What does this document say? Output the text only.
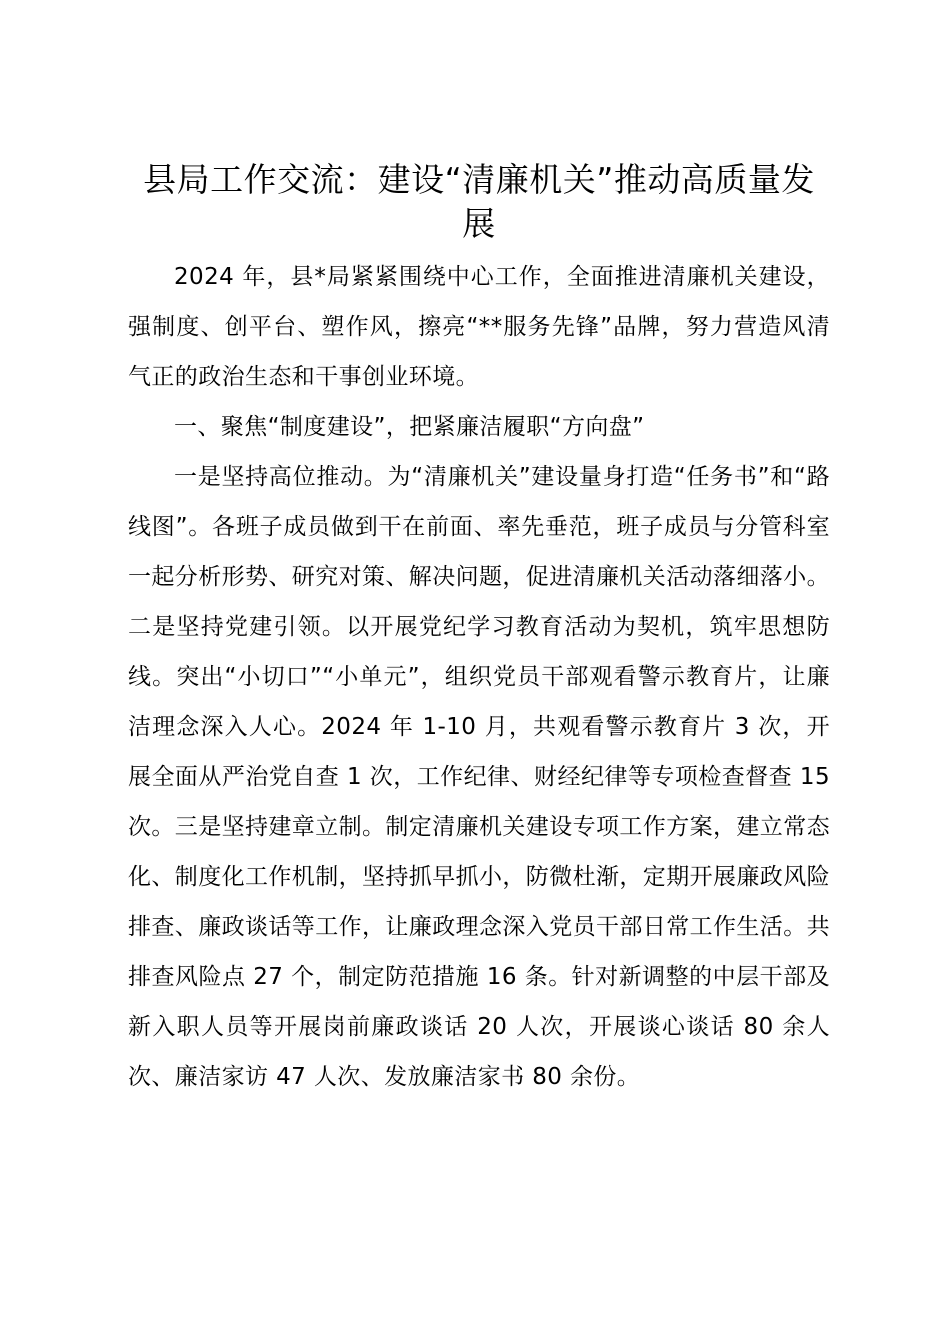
县局工作交流：建设“清廉机关”推动高质量发展

2024 年，县*局紧紧围绕中心工作，全面推进清廉机关建设，强制度、创平台、塑作风，擦亮“**服务先锋”品牌，努力营造风清气正的政治生态和干事创业环境。

一、聚焦“制度建设”，把紧廉洁履职“方向盘”

一是坚持高位推动。为“清廉机关”建设量身打造“任务书”和“路线图”。各班子成员做到干在前面、率先垂范，班子成员与分管科室一起分析形势、研究对策、解决问题，促进清廉机关活动落细落小。二是坚持党建引领。以开展党纪学习教育活动为契机，筑牢思想防线。突出“小切口”“小单元”，组织党员干部观看警示教育片，让廉洁理念深入人心。2024 年 1-10 月，共观看警示教育片 3 次，开展全面从严治党自查 1 次，工作纪律、财经纪律等专项检查督查 15 次。三是坚持建章立制。制定清廉机关建设专项工作方案，建立常态化、制度化工作机制，坚持抓早抓小，防微杜渐，定期开展廉政风险排查、廉政谈话等工作，让廉政理念深入党员干部日常工作生活。共排查风险点 27 个，制定防范措施 16 条。针对新调整的中层干部及新入职人员等开展岗前廉政谈话 20 人次，开展谈心谈话 80 余人次、廉洁家访 47 人次、发放廉洁家书 80 余份。
